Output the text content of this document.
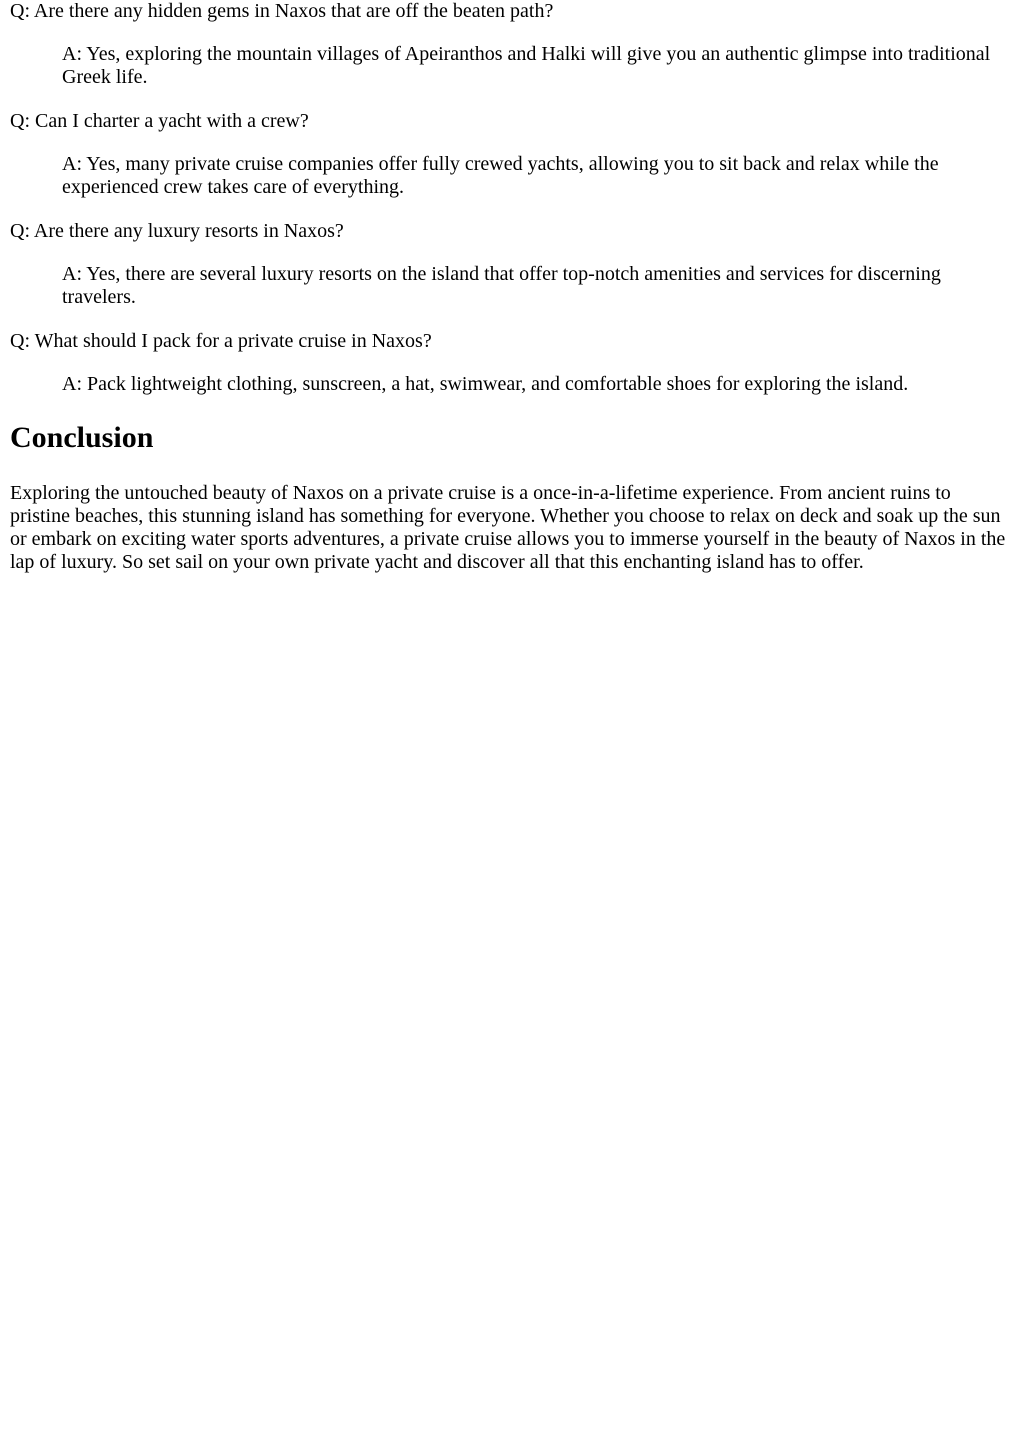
Q: Are there any hidden gems in Naxos that are off the beaten path?

A: Yes, exploring the mountain villages of Apeiranthos and Halki will give you an authentic glimpse into traditional Greek life.

Q: Can I charter a yacht with a crew?

A: Yes, many private cruise companies offer fully crewed yachts, allowing you to sit back and relax while the experienced crew takes care of everything.

Q: Are there any luxury resorts in Naxos?

A: Yes, there are several luxury resorts on the island that offer top-notch amenities and services for discerning travelers.

Q: What should I pack for a private cruise in Naxos?

A: Pack lightweight clothing, sunscreen, a hat, swimwear, and comfortable shoes for exploring the island.

Conclusion

Exploring the untouched beauty of Naxos on a private cruise is a once-in-a-lifetime experience. From ancient ruins to pristine beaches, this stunning island has something for everyone. Whether you choose to relax on deck and soak up the sun or embark on exciting water sports adventures, a private cruise allows you to immerse yourself in the beauty of Naxos in the lap of luxury. So set sail on your own private yacht and discover all that this enchanting island has to offer.
